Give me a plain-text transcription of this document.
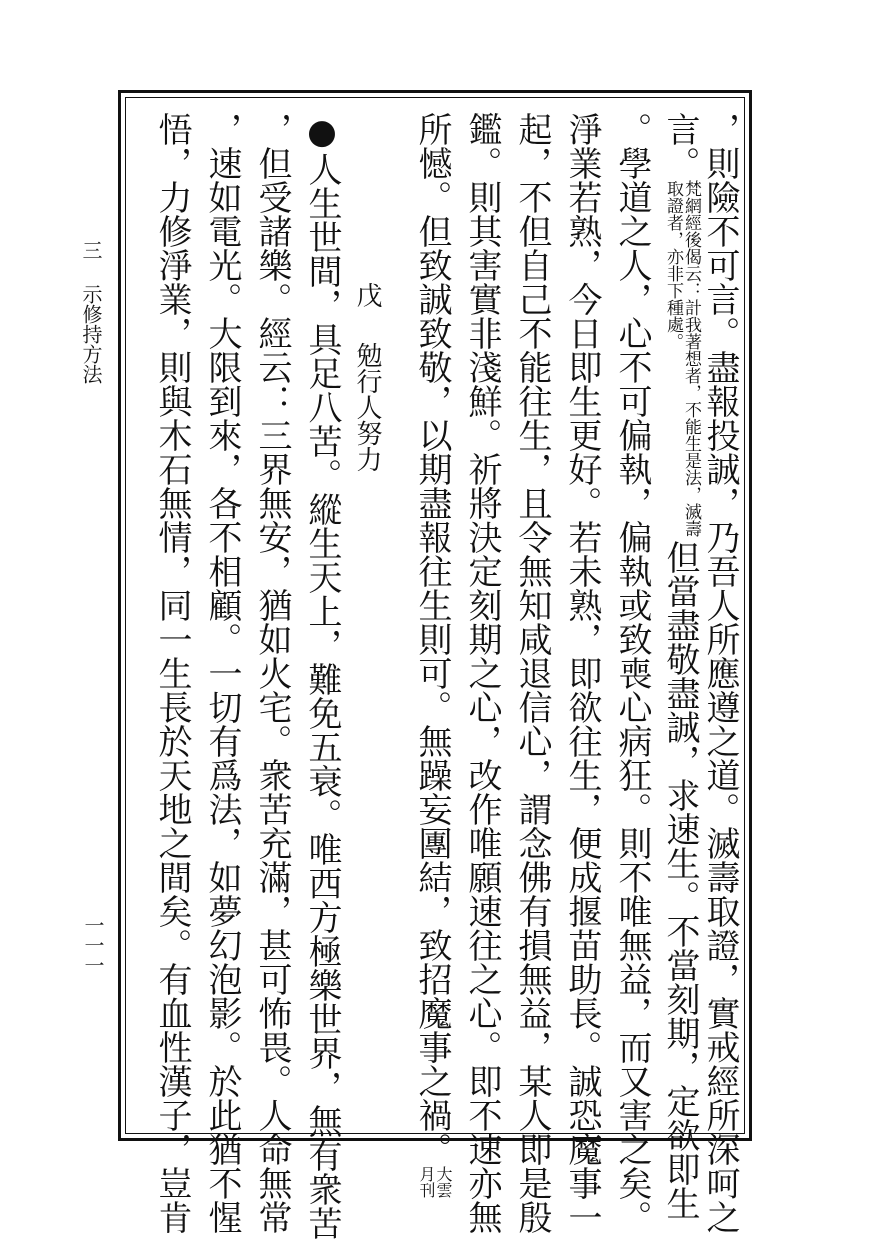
三 示修持方法
一一一	，則險不可言。盡報投誠，乃吾人所應遵之道。滅壽取證，實戒經所深呵之
言。梵網經後偈云：計我著想者，不能生是法，滅壽取證者，亦非下種處。但當盡敬盡誠，求速生。不當刻期，定欲即生
。學道之人，心不可偏執，偏執或致喪心病狂。則不唯無益，而又害之矣。
淨業若熟，今日即生更好。若未熟，即欲往生，便成揠苗助長。誠恐魔事一
起，不但自己不能往生，且令無知咸退信心，謂念佛有損無益，某人即是殷
鑑。則其害實非淺鮮。祈將決定刻期之心，改作唯願速往之心。即不速亦無
所憾。但致誠致敬，以期盡報往生則可。無躁妄團結，致招魔事之禍。大雲月刊
戊
勉行人努力
●人生世間，具足八苦。縱生天上，難免五衰。唯西方極樂世界，無有衆苦
，但受諸樂。經云：三界無安，猶如火宅。衆苦充滿，甚可怖畏。人命無常
，速如電光。大限到來，各不相顧。一切有爲法，如夢幻泡影。於此猶不惺
悟，力修淨業，則與木石無情，同一生長於天地之間矣。有血性漢子，豈肯
